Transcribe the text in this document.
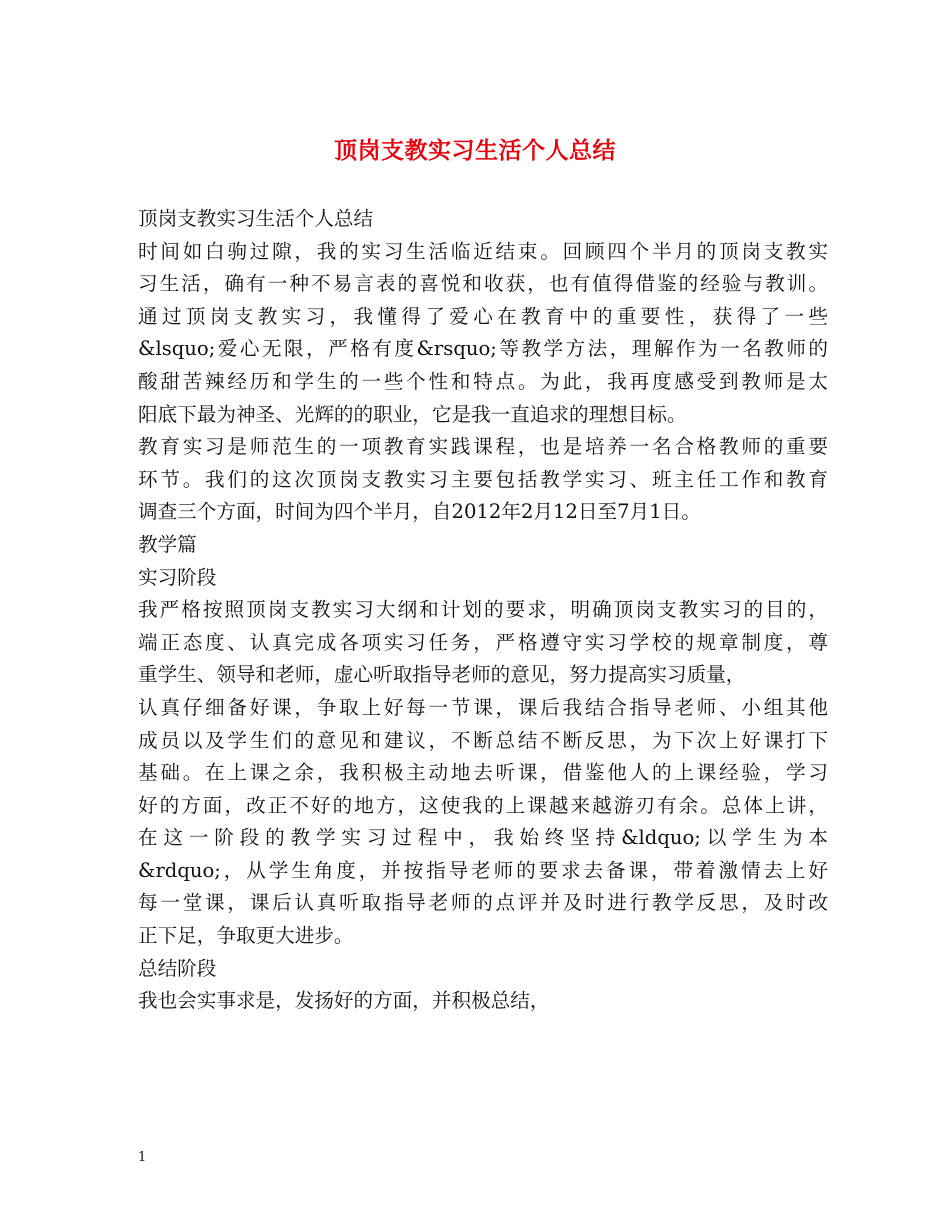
顶岗支教实习生活个人总结
顶岗支教实习生活个人总结
时间如白驹过隙，我的实习生活临近结束。回顾四个半月的顶岗支教实
习生活，确有一种不易言表的喜悦和收获，也有值得借鉴的经验与教训。
通过顶岗支教实习，我懂得了爱心在教育中的重要性，获得了一些
&lsquo;爱心无限，严格有度&rsquo;等教学方法，理解作为一名教师的
酸甜苦辣经历和学生的一些个性和特点。为此，我再度感受到教师是太
阳底下最为神圣、光辉的的职业，它是我一直追求的理想目标。
教育实习是师范生的一项教育实践课程，也是培养一名合格教师的重要
环节。我们的这次顶岗支教实习主要包括教学实习、班主任工作和教育
调查三个方面，时间为四个半月，自2012年2月12日至7月1日。
教学篇
实习阶段
我严格按照顶岗支教实习大纲和计划的要求，明确顶岗支教实习的目的，
端正态度、认真完成各项实习任务，严格遵守实习学校的规章制度，尊
重学生、领导和老师，虚心听取指导老师的意见，努力提高实习质量，
认真仔细备好课，争取上好每一节课，课后我结合指导老师、小组其他
成员以及学生们的意见和建议，不断总结不断反思，为下次上好课打下
基础。在上课之余，我积极主动地去听课，借鉴他人的上课经验，学习
好的方面，改正不好的地方，这使我的上课越来越游刃有余。总体上讲，
在这一阶段的教学实习过程中，我始终坚持&ldquo;以学生为本
&rdquo;，从学生角度，并按指导老师的要求去备课，带着激情去上好
每一堂课，课后认真听取指导老师的点评并及时进行教学反思，及时改
正下足，争取更大进步。
总结阶段
我也会实事求是，发扬好的方面，并积极总结，
1
